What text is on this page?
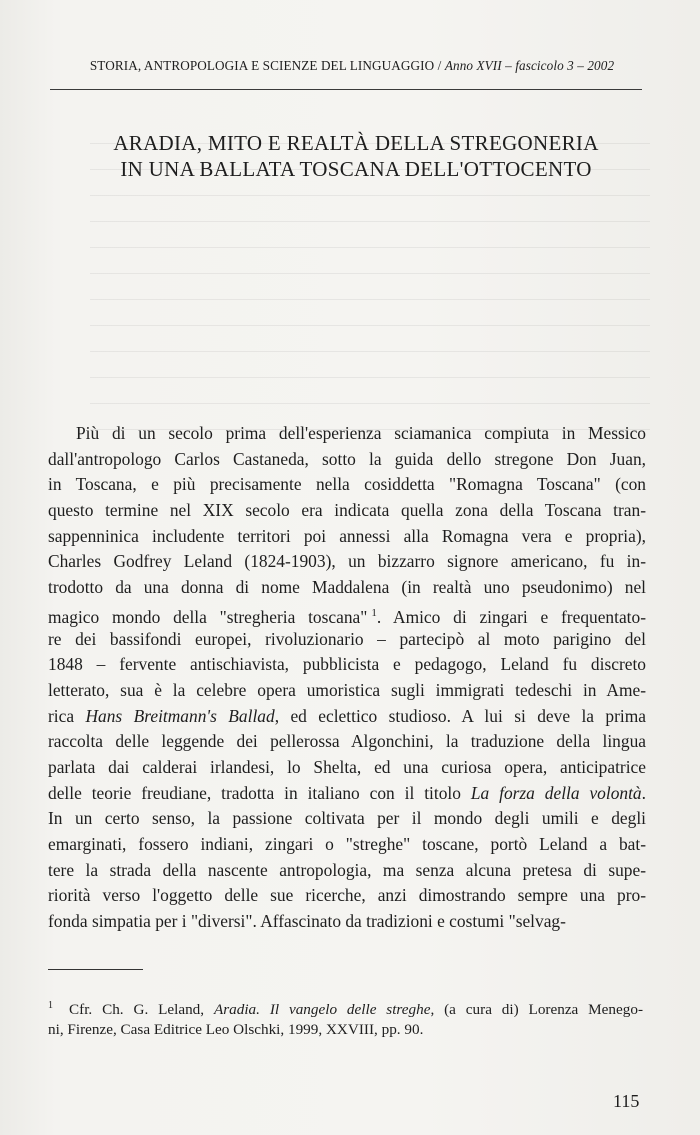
STORIA, ANTROPOLOGIA E SCIENZE DEL LINGUAGGIO / Anno XVII – fascicolo 3 – 2002
ARADIA, MITO E REALTÀ DELLA STREGONERIA
IN UNA BALLATA TOSCANA DELL'OTTOCENTO
Più di un secolo prima dell'esperienza sciamanica compiuta in Messico
dall'antropologo Carlos Castaneda, sotto la guida dello stregone Don Juan,
in Toscana, e più precisamente nella cosiddetta "Romagna Toscana" (con
questo termine nel XIX secolo era indicata quella zona della Toscana tran-
sappenninica includente territori poi annessi alla Romagna vera e propria),
Charles Godfrey Leland (1824-1903), un bizzarro signore americano, fu in-
trodotto da una donna di nome Maddalena (in realtà uno pseudonimo) nel
magico mondo della "stregheria toscana" $^1$. Amico di zingari e frequentato-
re dei bassifondi europei, rivoluzionario – partecipò al moto parigino del
1848 – fervente antischiavista, pubblicista e pedagogo, Leland fu discreto
letterato, sua è la celebre opera umoristica sugli immigrati tedeschi in Ame-
rica Hans Breitmann's Ballad, ed eclettico studioso. A lui si deve la prima
raccolta delle leggende dei pellerossa Algonchini, la traduzione della lingua
parlata dai calderai irlandesi, lo Shelta, ed una curiosa opera, anticipatrice
delle teorie freudiane, tradotta in italiano con il titolo La forza della volontà.
In un certo senso, la passione coltivata per il mondo degli umili e degli
emarginati, fossero indiani, zingari o "streghe" toscane, portò Leland a bat-
tere la strada della nascente antropologia, ma senza alcuna pretesa di supe-
riorità verso l'oggetto delle sue ricerche, anzi dimostrando sempre una pro-
fonda simpatia per i "diversi". Affascinato da tradizioni e costumi "selvag-
$^1$ Cfr. Ch. G. Leland, Aradia. Il vangelo delle streghe, (a cura di) Lorenza Menego-
ni, Firenze, Casa Editrice Leo Olschki, 1999, XXVIII, pp. 90.
115
